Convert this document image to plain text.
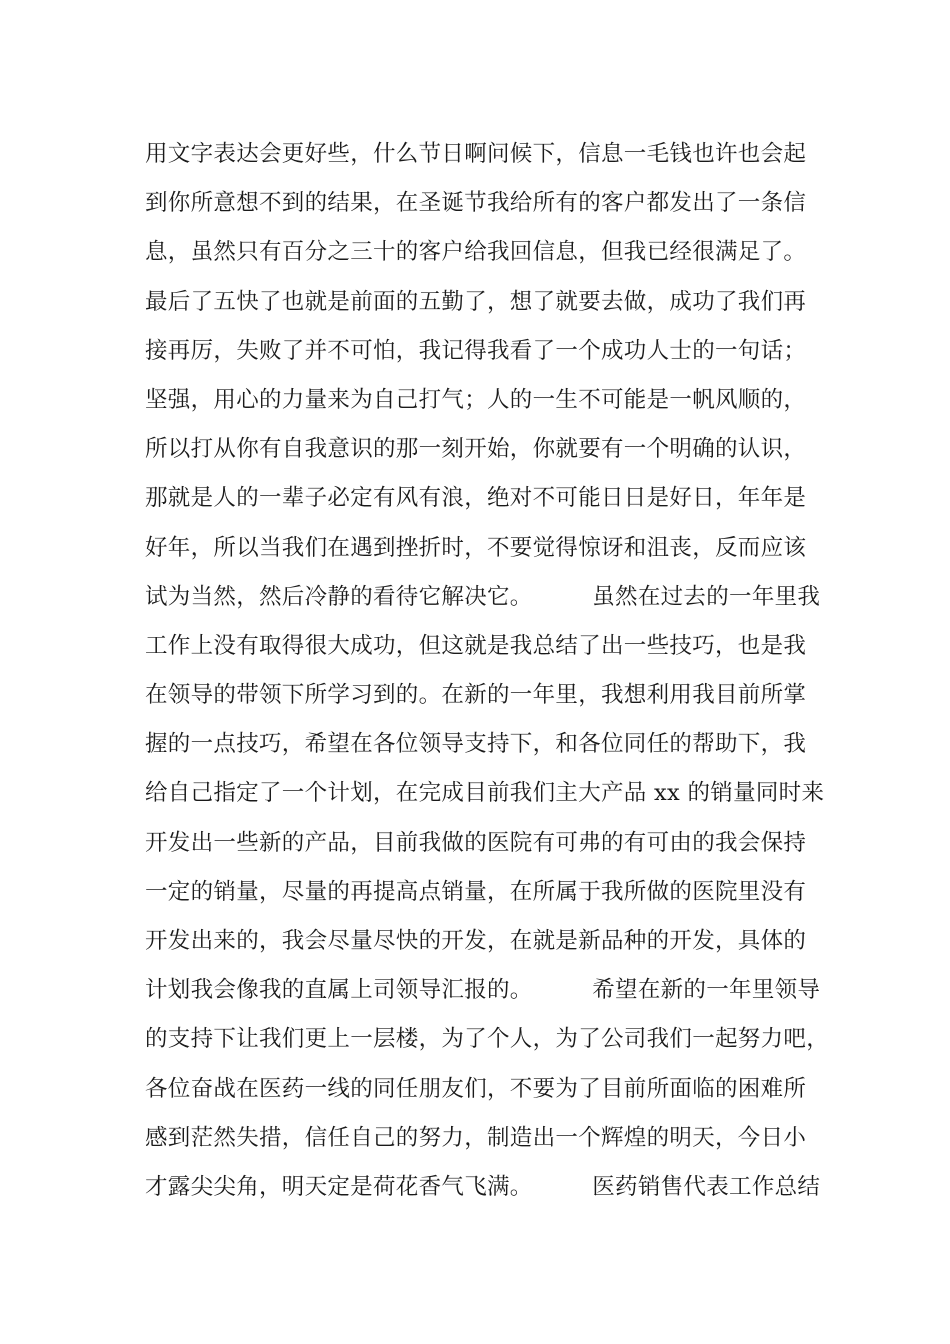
用文字表达会更好些，什么节日啊问候下，信息一毛钱也许也会起
到你所意想不到的结果，在圣诞节我给所有的客户都发出了一条信
息，虽然只有百分之三十的客户给我回信息，但我已经很满足了。
最后了五快了也就是前面的五勤了，想了就要去做，成功了我们再
接再厉，失败了并不可怕，我记得我看了一个成功人士的一句话；
坚强，用心的力量来为自己打气；人的一生不可能是一帆风顺的，
所以打从你有自我意识的那一刻开始，你就要有一个明确的认识，
那就是人的一辈子必定有风有浪，绝对不可能日日是好日，年年是
好年，所以当我们在遇到挫折时，不要觉得惊讶和沮丧，反而应该
试为当然，然后冷静的看待它解决它。        虽然在过去的一年里我
工作上没有取得很大成功，但这就是我总结了出一些技巧，也是我
在领导的带领下所学习到的。在新的一年里，我想利用我目前所掌
握的一点技巧，希望在各位领导支持下，和各位同任的帮助下，我
给自己指定了一个计划，在完成目前我们主大产品 xx 的销量同时来
开发出一些新的产品，目前我做的医院有可弗的有可由的我会保持
一定的销量，尽量的再提高点销量，在所属于我所做的医院里没有
开发出来的，我会尽量尽快的开发，在就是新品种的开发，具体的
计划我会像我的直属上司领导汇报的。        希望在新的一年里领导
的支持下让我们更上一层楼，为了个人，为了公司我们一起努力吧，
各位奋战在医药一线的同任朋友们，不要为了目前所面临的困难所
感到茫然失措，信任自己的努力，制造出一个辉煌的明天，今日小
才露尖尖角，明天定是荷花香气飞满。        医药销售代表工作总结
